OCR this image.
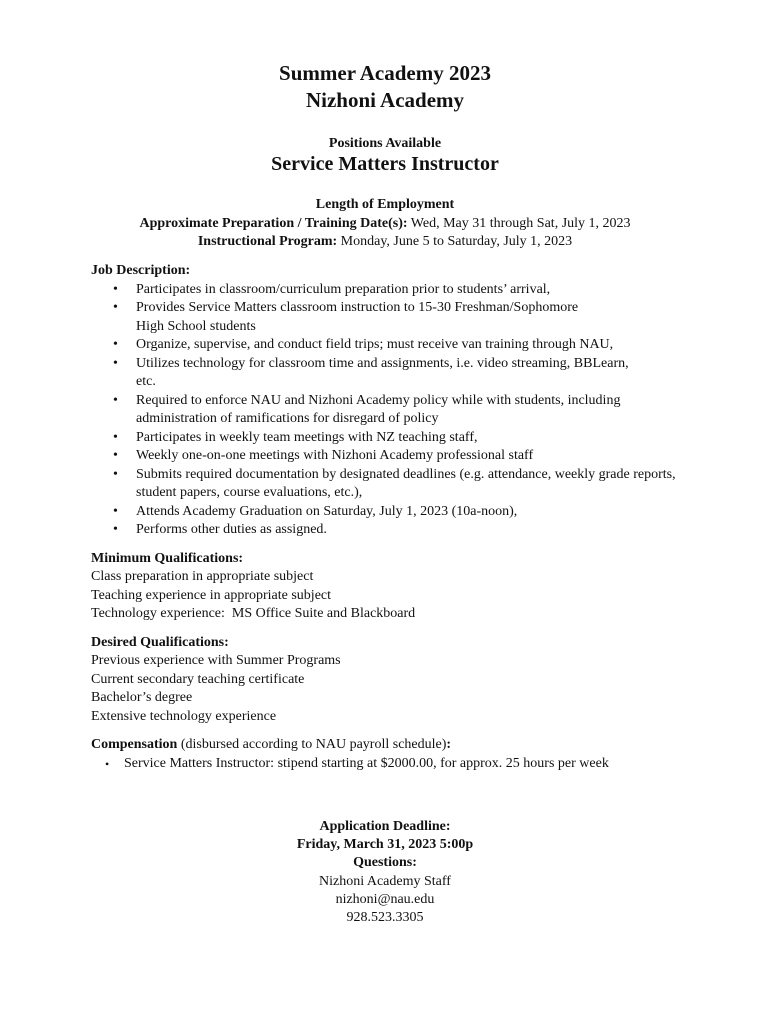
Summer Academy 2023
Nizhoni Academy
Positions Available
Service Matters Instructor
Length of Employment
Approximate Preparation / Training Date(s): Wed, May 31 through Sat, July 1, 2023
Instructional Program: Monday, June 5 to Saturday, July 1, 2023
Job Description:
• Participates in classroom/curriculum preparation prior to students’ arrival,
• Provides Service Matters classroom instruction to 15-30 Freshman/Sophomore High School students
• Organize, supervise, and conduct field trips; must receive van training through NAU,
• Utilizes technology for classroom time and assignments, i.e. video streaming, BBLearn, etc.
• Required to enforce NAU and Nizhoni Academy policy while with students, including administration of ramifications for disregard of policy
• Participates in weekly team meetings with NZ teaching staff,
• Weekly one-on-one meetings with Nizhoni Academy professional staff
• Submits required documentation by designated deadlines (e.g. attendance, weekly grade reports, student papers, course evaluations, etc.),
• Attends Academy Graduation on Saturday, July 1, 2023 (10a-noon),
• Performs other duties as assigned.
Minimum Qualifications:
Class preparation in appropriate subject
Teaching experience in appropriate subject
Technology experience:  MS Office Suite and Blackboard
Desired Qualifications:
Previous experience with Summer Programs
Current secondary teaching certificate
Bachelor’s degree
Extensive technology experience
Compensation (disbursed according to NAU payroll schedule):
• Service Matters Instructor: stipend starting at $2000.00, for approx. 25 hours per week
Application Deadline:
Friday, March 31, 2023 5:00p
Questions:
Nizhoni Academy Staff
nizhoni@nau.edu
928.523.3305
